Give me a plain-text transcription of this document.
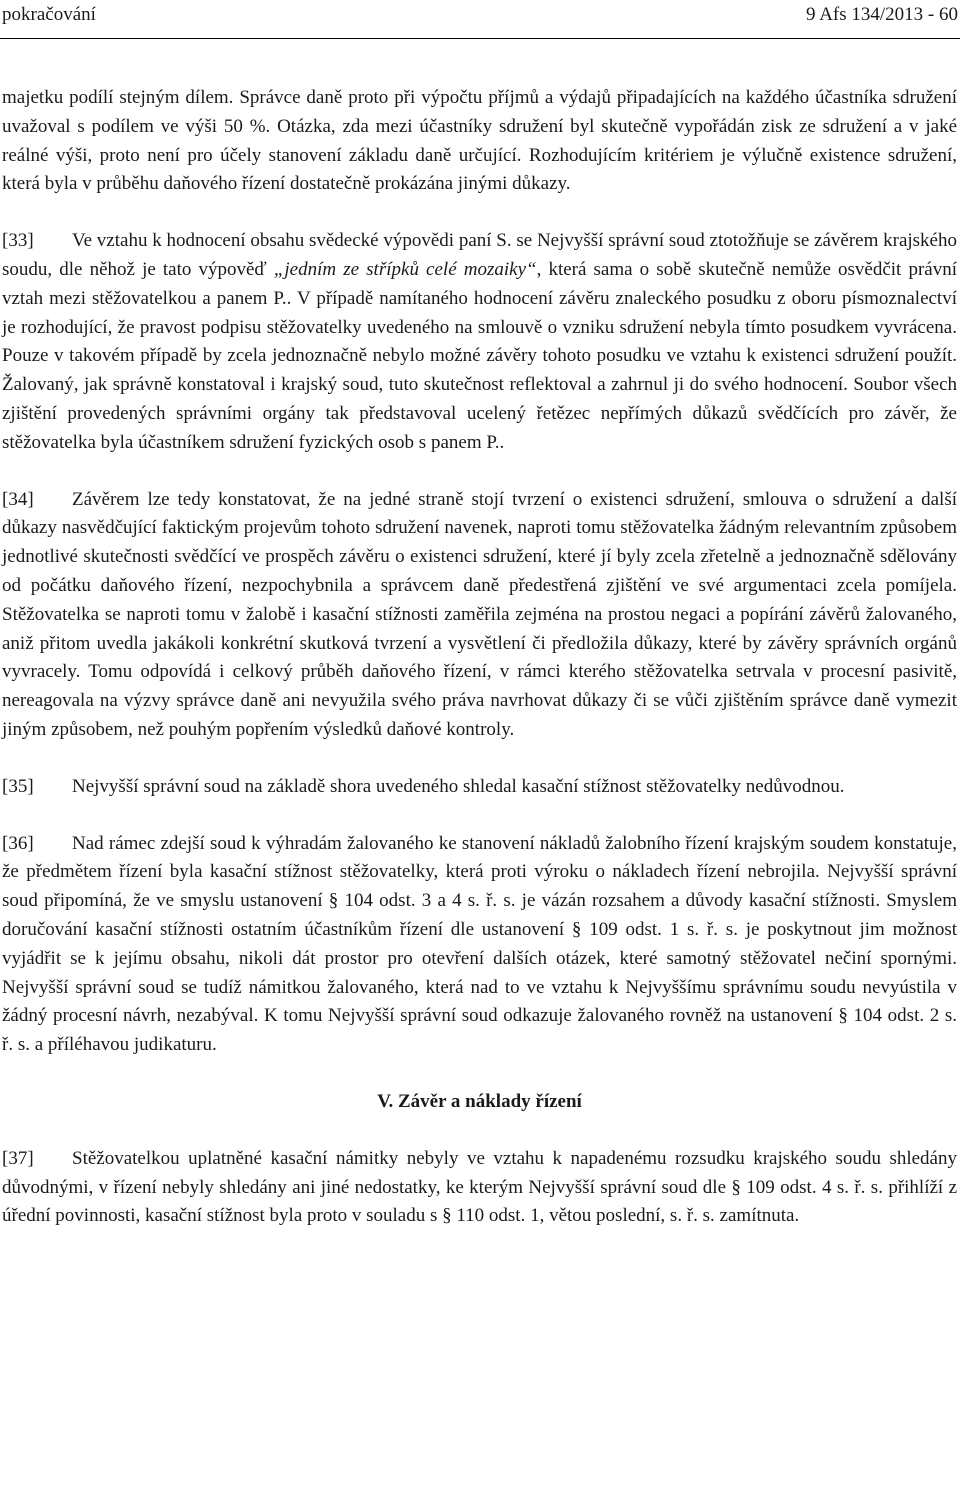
pokračování	9 Afs 134/2013 - 60

majetku podílí stejným dílem. Správce daně proto při výpočtu příjmů a výdajů připadajících na každého účastníka sdružení uvažoval s podílem ve výši 50 %. Otázka, zda mezi účastníky sdružení byl skutečně vypořádán zisk ze sdružení a v jaké reálné výši, proto není pro účely stanovení základu daně určující. Rozhodujícím kritériem je výlučně existence sdružení, která byla v průběhu daňového řízení dostatečně prokázána jinými důkazy.

[33] Ve vztahu k hodnocení obsahu svědecké výpovědi paní S. se Nejvyšší správní soud ztotožňuje se závěrem krajského soudu, dle něhož je tato výpověď „jedním ze střípků celé mozaiky“, která sama o sobě skutečně nemůže osvědčit právní vztah mezi stěžovatelkou a panem P.. V případě namítaného hodnocení závěru znaleckého posudku z oboru písmoznalectví je rozhodující, že pravost podpisu stěžovatelky uvedeného na smlouvě o vzniku sdružení nebyla tímto posudkem vyvrácena. Pouze v takovém případě by zcela jednoznačně nebylo možné závěry tohoto posudku ve vztahu k existenci sdružení použít. Žalovaný, jak správně konstatoval i krajský soud, tuto skutečnost reflektoval a zahrnul ji do svého hodnocení. Soubor všech zjištění provedených správními orgány tak představoval ucelený řetězec nepřímých důkazů svědčících pro závěr, že stěžovatelka byla účastníkem sdružení fyzických osob s panem P..

[34] Závěrem lze tedy konstatovat, že na jedné straně stojí tvrzení o existenci sdružení, smlouva o sdružení a další důkazy nasvědčující faktickým projevům tohoto sdružení navenek, naproti tomu stěžovatelka žádným relevantním způsobem jednotlivé skutečnosti svědčící ve prospěch závěru o existenci sdružení, které jí byly zcela zřetelně a jednoznačně sdělovány od počátku daňového řízení, nezpochybnila a správcem daně předestřená zjištění ve své argumentaci zcela pomíjela. Stěžovatelka se naproti tomu v žalobě i kasační stížnosti zaměřila zejména na prostou negaci a popírání závěrů žalovaného, aniž přitom uvedla jakákoli konkrétní skutková tvrzení a vysvětlení či předložila důkazy, které by závěry správních orgánů vyvracely. Tomu odpovídá i celkový průběh daňového řízení, v rámci kterého stěžovatelka setrvala v procesní pasivitě, nereagovala na výzvy správce daně ani nevyužila svého práva navrhovat důkazy či se vůči zjištěním správce daně vymezit jiným způsobem, než pouhým popřením výsledků daňové kontroly.

[35] Nejvyšší správní soud na základě shora uvedeného shledal kasační stížnost stěžovatelky nedůvodnou.

[36] Nad rámec zdejší soud k výhradám žalovaného ke stanovení nákladů žalobního řízení krajským soudem konstatuje, že předmětem řízení byla kasační stížnost stěžovatelky, která proti výroku o nákladech řízení nebrojila. Nejvyšší správní soud připomíná, že ve smyslu ustanovení § 104 odst. 3 a 4 s. ř. s. je vázán rozsahem a důvody kasační stížnosti. Smyslem doručování kasační stížnosti ostatním účastníkům řízení dle ustanovení § 109 odst. 1 s. ř. s. je poskytnout jim možnost vyjádřit se k jejímu obsahu, nikoli dát prostor pro otevření dalších otázek, které samotný stěžovatel nečiní spornými. Nejvyšší správní soud se tudíž námitkou žalovaného, která nad to ve vztahu k Nejvyššímu správnímu soudu nevyústila v žádný procesní návrh, nezabýval. K tomu Nejvyšší správní soud odkazuje žalovaného rovněž na ustanovení § 104 odst. 2 s. ř. s. a příléhavou judikaturu.

V. Závěr a náklady řízení

[37] Stěžovatelkou uplatněné kasační námitky nebyly ve vztahu k napadenému rozsudku krajského soudu shledány důvodnými, v řízení nebyly shledány ani jiné nedostatky, ke kterým Nejvyšší správní soud dle § 109 odst. 4 s. ř. s. přihlíží z úřední povinnosti, kasační stížnost byla proto v souladu s § 110 odst. 1, větou poslední, s. ř. s. zamítnuta.
